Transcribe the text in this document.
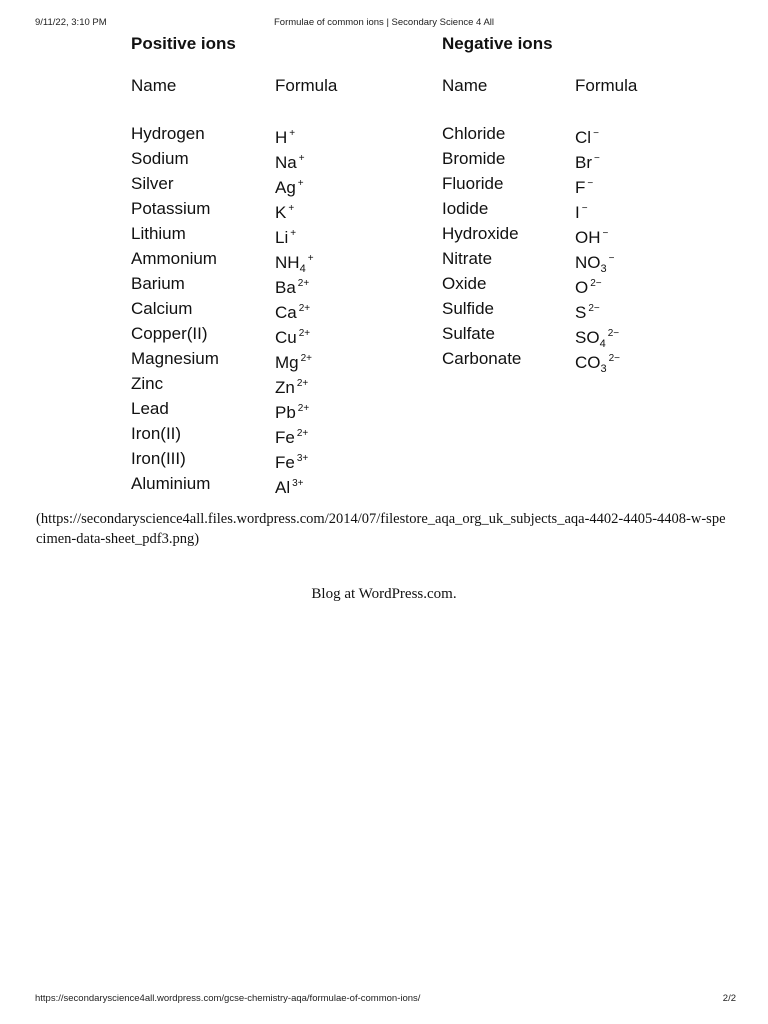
9/11/22, 3:10 PM	Formulae of common ions | Secondary Science 4 All
Positive ions
Name	Formula
Hydrogen	H +
Sodium	Na +
Silver	Ag +
Potassium	K +
Lithium	Li +
Ammonium	$NH_4^+$
Barium	Ba $^{2+}$
Calcium	Ca $^{2+}$
Copper(II)	Cu $^{2+}$
Magnesium	Mg $^{2+}$
Zinc	Zn $^{2+}$
Lead	Pb $^{2+}$
Iron(II)	Fe $^{2+}$
Iron(III)	Fe $^{3+}$
Aluminium	Al $^{3+}$
Negative ions
Name	Formula
Chloride	Cl −
Bromide	Br −
Fluoride	F −
Iodide	I −
Hydroxide	OH −
Nitrate	$NO_3^-$
Oxide	O $^{2-}$
Sulfide	S $^{2-}$
Sulfate	$SO_4^{2-}$
Carbonate	$CO_3^{2-}$
(https://secondaryscience4all.files.wordpress.com/2014/07/filestore_aqa_org_uk_subjects_aqa-4402-4405-4408-w-specimen-data-sheet_pdf3.png)
Blog at WordPress.com.
https://secondaryscience4all.wordpress.com/gcse-chemistry-aqa/formulae-of-common-ions/	2/2
